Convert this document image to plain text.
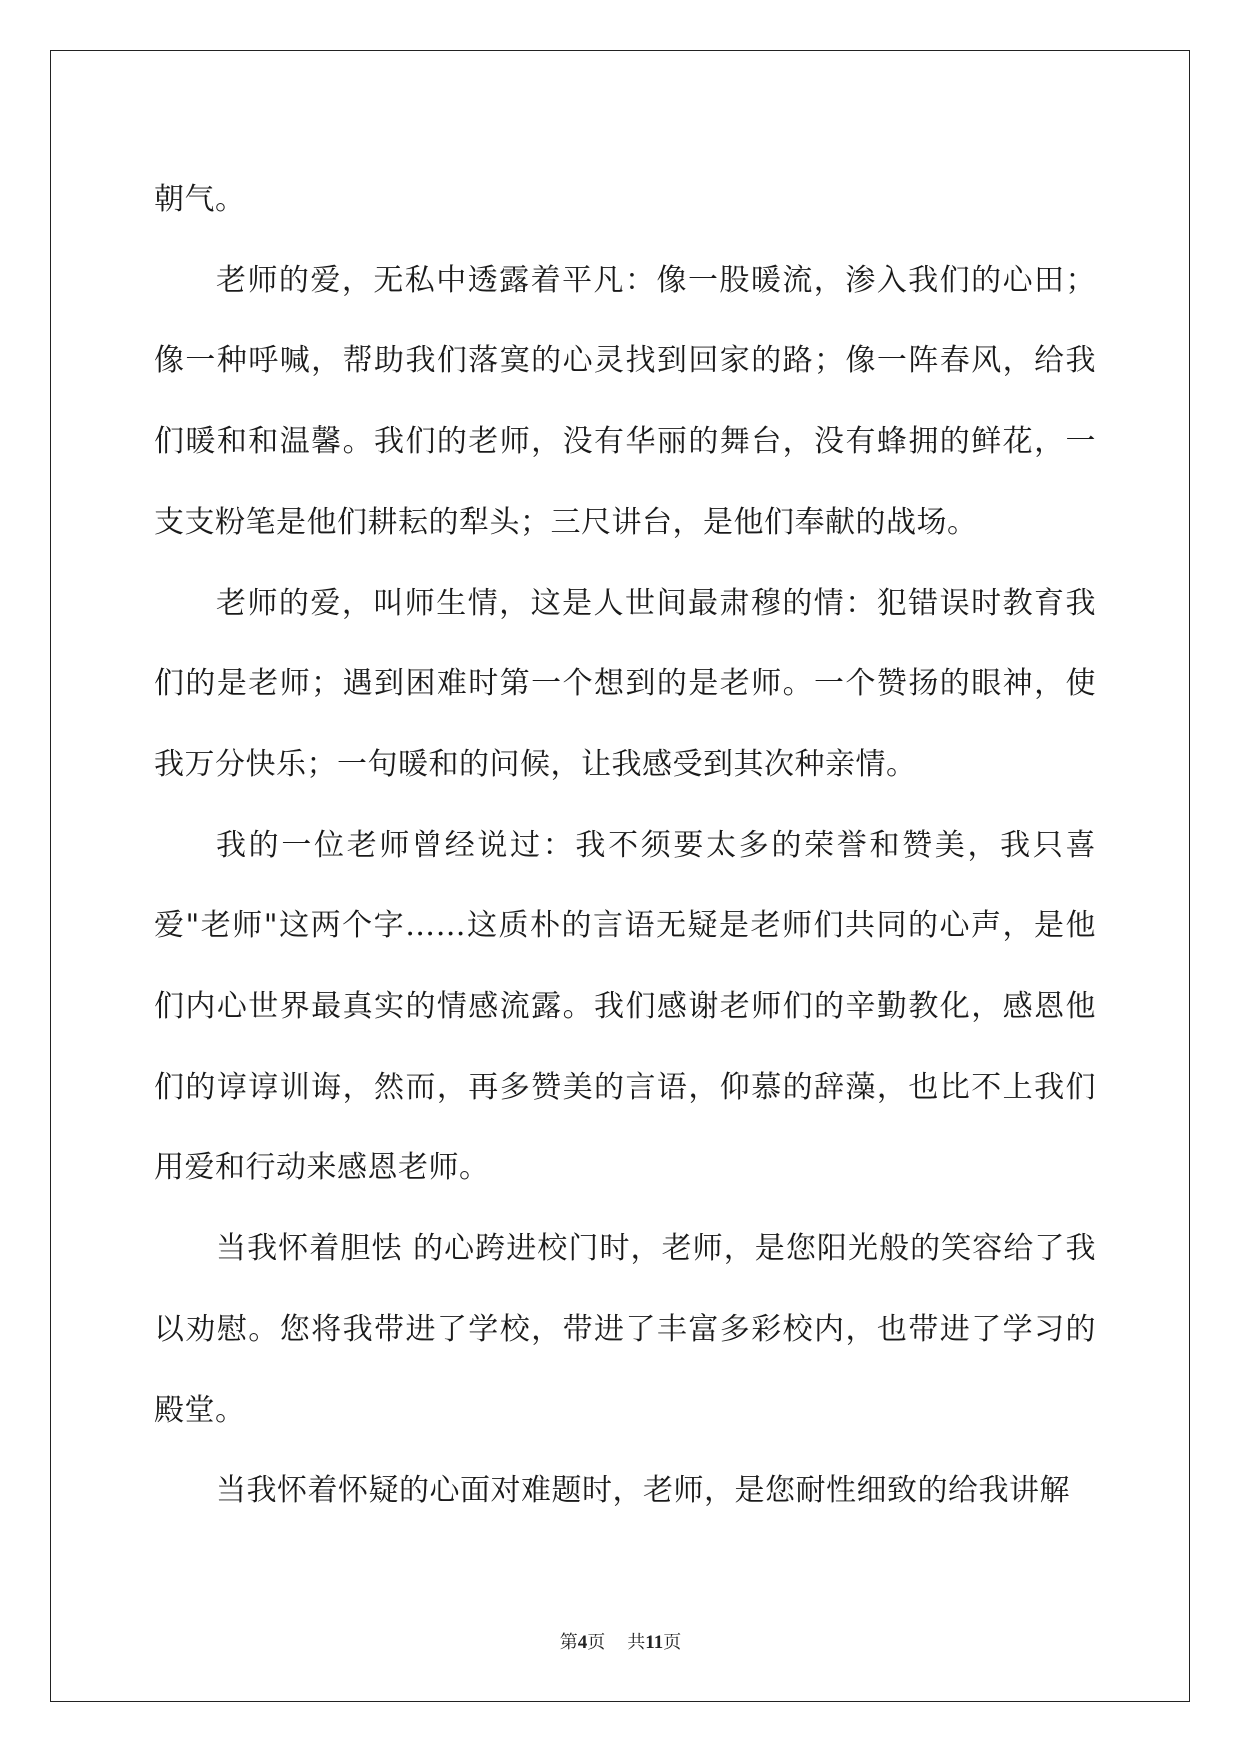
朝气。

老师的爱，无私中透露着平凡：像一股暖流，渗入我们的心田；像一种呼喊，帮助我们落寞的心灵找到回家的路；像一阵春风，给我们暖和和温馨。我们的老师，没有华丽的舞台，没有蜂拥的鲜花，一支支粉笔是他们耕耘的犁头；三尺讲台，是他们奉献的战场。

老师的爱，叫师生情，这是人世间最肃穆的情：犯错误时教育我们的是老师；遇到困难时第一个想到的是老师。一个赞扬的眼神，使我万分快乐；一句暖和的问候，让我感受到其次种亲情。

我的一位老师曾经说过：我不须要太多的荣誉和赞美，我只喜爱"老师"这两个字……这质朴的言语无疑是老师们共同的心声，是他们内心世界最真实的情感流露。我们感谢老师们的辛勤教化，感恩他们的谆谆训诲，然而，再多赞美的言语，仰慕的辞藻，也比不上我们用爱和行动来感恩老师。

当我怀着胆怯 的心跨进校门时，老师，是您阳光般的笑容给了我以劝慰。您将我带进了学校，带进了丰富多彩校内，也带进了学习的殿堂。

当我怀着怀疑的心面对难题时，老师，是您耐性细致的给我讲解

第4页 共11页
